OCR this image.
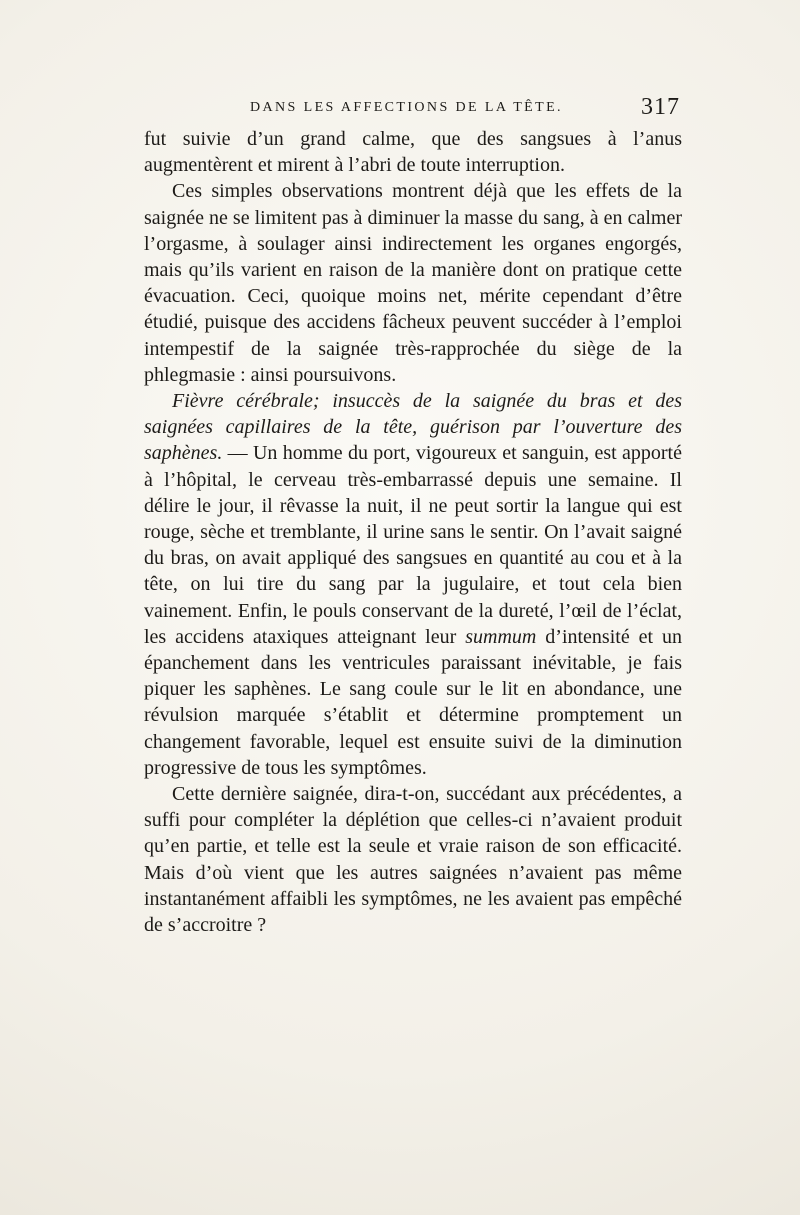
DANS LES AFFECTIONS DE LA TÊTE.	317

fut suivie d’un grand calme, que des sangsues à l’anus augmentèrent et mirent à l’abri de toute interruption.

Ces simples observations montrent déjà que les effets de la saignée ne se limitent pas à diminuer la masse du sang, à en calmer l’orgasme, à soulager ainsi indirectement les organes engorgés, mais qu’ils varient en raison de la manière dont on pratique cette évacuation. Ceci, quoique moins net, mérite cependant d’être étudié, puisque des accidens fâcheux peuvent succéder à l’emploi intempestif de la saignée très-rapprochée du siège de la phlegmasie : ainsi poursuivons.

Fièvre cérébrale; insuccès de la saignée du bras et des saignées capillaires de la tête, guérison par l’ouverture des saphènes. — Un homme du port, vigoureux et sanguin, est apporté à l’hôpital, le cerveau très-embarrassé depuis une semaine. Il délire le jour, il rêvasse la nuit, il ne peut sortir la langue qui est rouge, sèche et tremblante, il urine sans le sentir. On l’avait saigné du bras, on avait appliqué des sangsues en quantité au cou et à la tête, on lui tire du sang par la jugulaire, et tout cela bien vainement. Enfin, le pouls conservant de la dureté, l’œil de l’éclat, les accidens ataxiques atteignant leur summum d’intensité et un épanchement dans les ventricules paraissant inévitable, je fais piquer les saphènes. Le sang coule sur le lit en abondance, une révulsion marquée s’établit et détermine promptement un changement favorable, lequel est ensuite suivi de la diminution progressive de tous les symptômes.

Cette dernière saignée, dira-t-on, succédant aux précédentes, a suffi pour compléter la déplétion que celles-ci n’avaient produit qu’en partie, et telle est la seule et vraie raison de son efficacité. Mais d’où vient que les autres saignées n’avaient pas même instantanément affaibli les symptômes, ne les avaient pas empêché de s’accroitre ?
